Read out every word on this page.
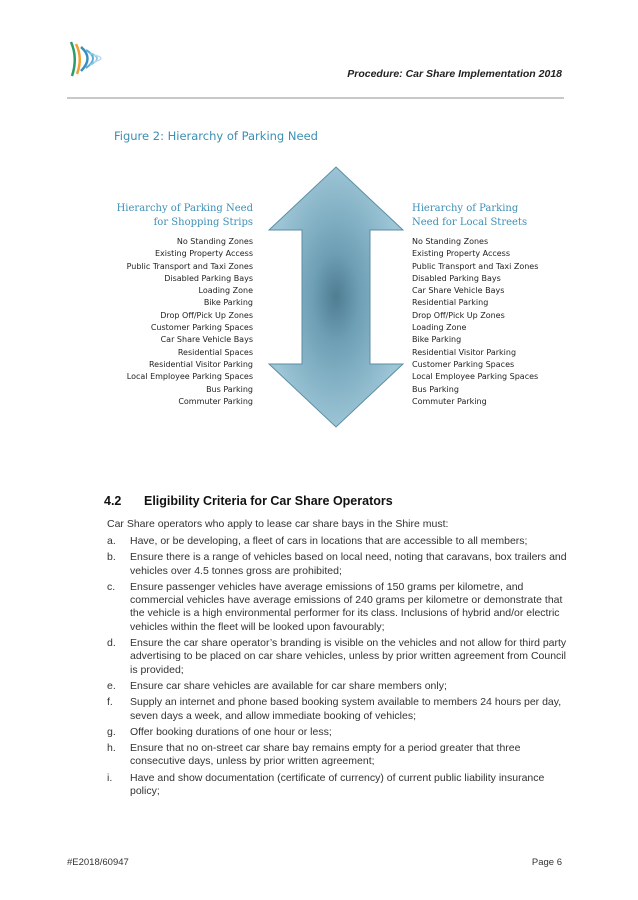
Procedure: Car Share Implementation 2018
Figure 2: Hierarchy of Parking Need
Hierarchy of Parking Need
for Shopping Strips
No Standing Zones
Existing Property Access
Public Transport and Taxi Zones
Disabled Parking Bays
Loading Zone
Bike Parking
Drop Off/Pick Up Zones
Customer Parking Spaces
Car Share Vehicle Bays
Residential Spaces
Residential Visitor Parking
Local Employee Parking Spaces
Bus Parking
Commuter Parking
Hierarchy of Parking
Need for Local Streets
No Standing Zones
Existing Property Access
Public Transport and Taxi Zones
Disabled Parking Bays
Car Share Vehicle Bays
Residential Parking
Drop Off/Pick Up Zones
Loading Zone
Bike Parking
Residential Visitor Parking
Customer Parking Spaces
Local Employee Parking Spaces
Bus Parking
Commuter Parking
4.2 Eligibility Criteria for Car Share Operators
Car Share operators who apply to lease car share bays in the Shire must:
a. Have, or be developing, a fleet of cars in locations that are accessible to all members;
b. Ensure there is a range of vehicles based on local need, noting that caravans, box trailers and vehicles over 4.5 tonnes gross are prohibited;
c. Ensure passenger vehicles have average emissions of 150 grams per kilometre, and commercial vehicles have average emissions of 240 grams per kilometre or demonstrate that the vehicle is a high environmental performer for its class. Inclusions of hybrid and/or electric vehicles within the fleet will be looked upon favourably;
d. Ensure the car share operator’s branding is visible on the vehicles and not allow for third party advertising to be placed on car share vehicles, unless by prior written agreement from Council is provided;
e. Ensure car share vehicles are available for car share members only;
f. Supply an internet and phone based booking system available to members 24 hours per day, seven days a week, and allow immediate booking of vehicles;
g. Offer booking durations of one hour or less;
h. Ensure that no on-street car share bay remains empty for a period greater that three consecutive days, unless by prior written agreement;
i. Have and show documentation (certificate of currency) of current public liability insurance policy;
#E2018/60947	Page 6
